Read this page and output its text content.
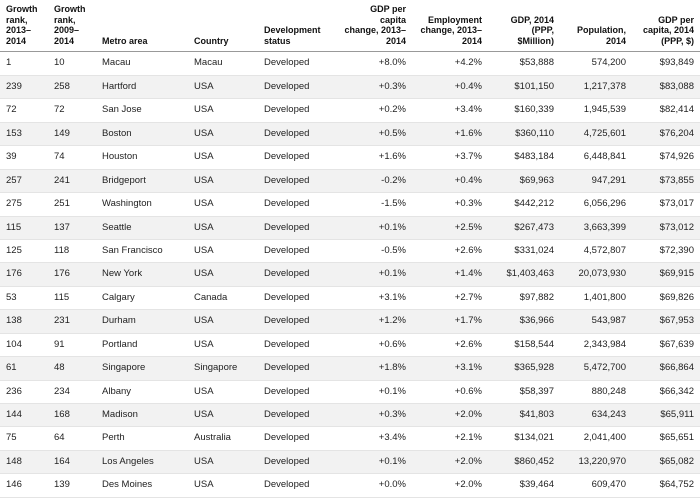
Growth rank, 2013–2014	Growth rank, 2009–2014	Metro area	Country	Development status	GDP per capita change, 2013–2014	Employment change, 2013–2014	GDP, 2014 (PPP, $Million)	Population, 2014	GDP per capita, 2014 (PPP, $)
1	10	Macau	Macau	Developed	+8.0%	+4.2%	$53,888	574,200	$93,849
239	258	Hartford	USA	Developed	+0.3%	+0.4%	$101,150	1,217,378	$83,088
72	72	San Jose	USA	Developed	+0.2%	+3.4%	$160,339	1,945,539	$82,414
153	149	Boston	USA	Developed	+0.5%	+1.6%	$360,110	4,725,601	$76,204
39	74	Houston	USA	Developed	+1.6%	+3.7%	$483,184	6,448,841	$74,926
257	241	Bridgeport	USA	Developed	-0.2%	+0.4%	$69,963	947,291	$73,855
275	251	Washington	USA	Developed	-1.5%	+0.3%	$442,212	6,056,296	$73,017
115	137	Seattle	USA	Developed	+0.1%	+2.5%	$267,473	3,663,399	$73,012
125	118	San Francisco	USA	Developed	-0.5%	+2.6%	$331,024	4,572,807	$72,390
176	176	New York	USA	Developed	+0.1%	+1.4%	$1,403,463	20,073,930	$69,915
53	115	Calgary	Canada	Developed	+3.1%	+2.7%	$97,882	1,401,800	$69,826
138	231	Durham	USA	Developed	+1.2%	+1.7%	$36,966	543,987	$67,953
104	91	Portland	USA	Developed	+0.6%	+2.6%	$158,544	2,343,984	$67,639
61	48	Singapore	Singapore	Developed	+1.8%	+3.1%	$365,928	5,472,700	$66,864
236	234	Albany	USA	Developed	+0.1%	+0.6%	$58,397	880,248	$66,342
144	168	Madison	USA	Developed	+0.3%	+2.0%	$41,803	634,243	$65,911
75	64	Perth	Australia	Developed	+3.4%	+2.1%	$134,021	2,041,400	$65,651
148	164	Los Angeles	USA	Developed	+0.1%	+2.0%	$860,452	13,220,970	$65,082
146	139	Des Moines	USA	Developed	+0.0%	+2.0%	$39,464	609,470	$64,752
